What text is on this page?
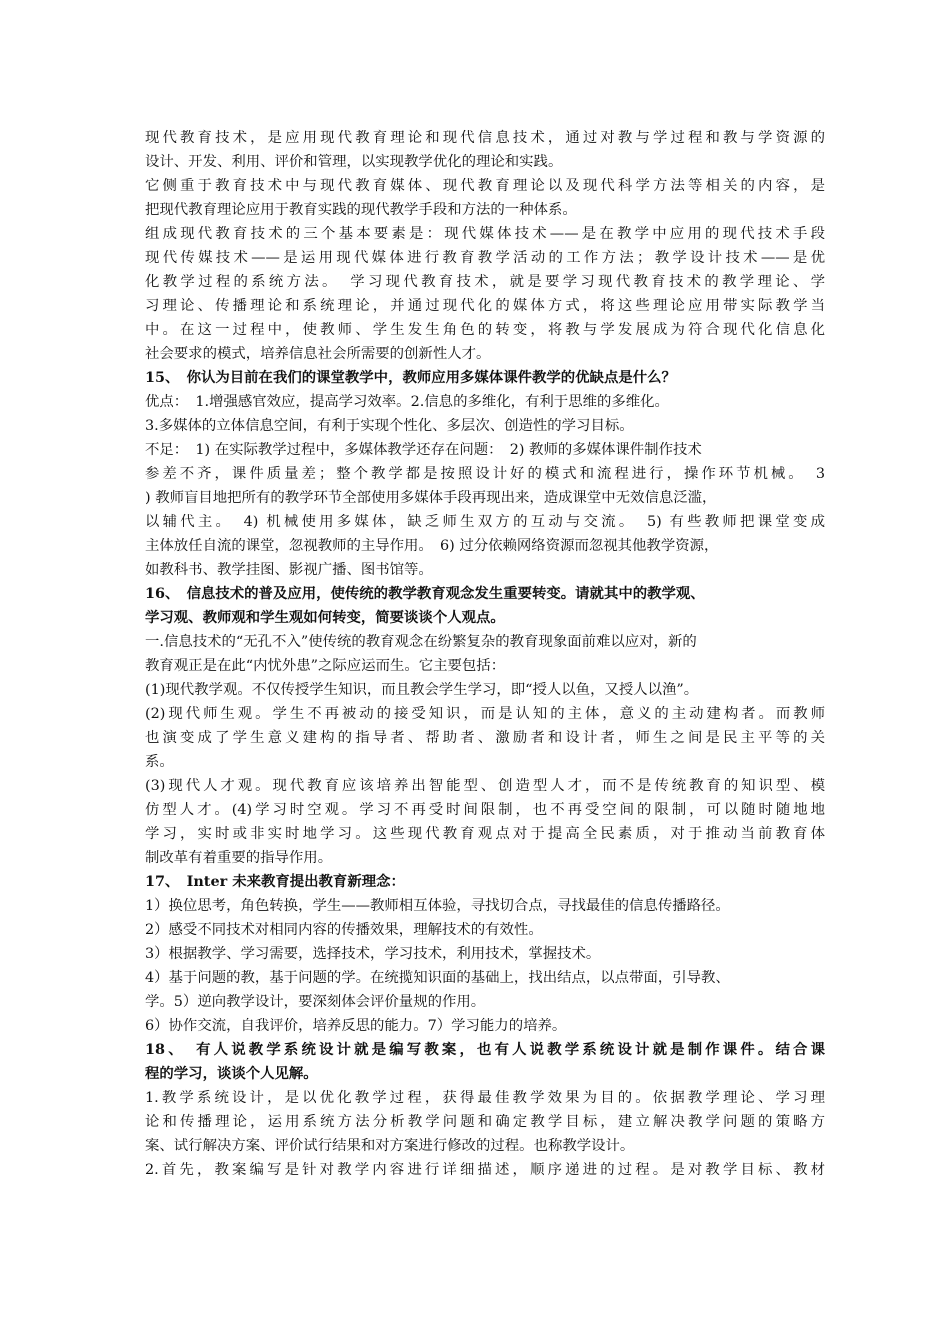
现代教育技术，是应用现代教育理论和现代信息技术，通过对教与学过程和教与学资源的

设计、开发、利用、评价和管理，以实现教学优化的理论和实践。

它侧重于教育技术中与现代教育媒体、现代教育理论以及现代科学方法等相关的内容，是

把现代教育理论应用于教育实践的现代教学手段和方法的一种体系。

组成现代教育技术的三个基本要素是：现代媒体技术——是在教学中应用的现代技术手段

现代传媒技术——是运用现代媒体进行教育教学活动的工作方法；教学设计技术——是优

化教学过程的系统方法。　学习现代教育技术，就是要学习现代教育技术的教学理论、学

习理论、传播理论和系统理论，并通过现代化的媒体方式，将这些理论应用带实际教学当

中。在这一过程中，使教师、学生发生角色的转变，将教与学发展成为符合现代化信息化

社会要求的模式，培养信息社会所需要的创新性人才。

15、　你认为目前在我们的课堂教学中，教师应用多媒体课件教学的优缺点是什么？

优点：　1.增强感官效应，提高学习效率。2.信息的多维化，有利于思维的多维化。

3.多媒体的立体信息空间，有利于实现个性化、多层次、创造性的学习目标。

不足：　1) 在实际教学过程中，多媒体教学还存在问题：　2) 教师的多媒体课件制作技术

参差不齐，课件质量差；整个教学都是按照设计好的模式和流程进行，操作环节机械。　3

) 教师盲目地把所有的教学环节全部使用多媒体手段再现出来，造成课堂中无效信息泛滥，

以辅代主。　4) 机械使用多媒体，缺乏师生双方的互动与交流。　5) 有些教师把课堂变成

主体放任自流的课堂，忽视教师的主导作用。　6) 过分依赖网络资源而忽视其他教学资源，

如教科书、教学挂图、影视广播、图书馆等。

16、　信息技术的普及应用，使传统的教学教育观念发生重要转变。请就其中的教学观、

学习观、教师观和学生观如何转变，简要谈谈个人观点。

一.信息技术的“无孔不入”使传统的教育观念在纷繁复杂的教育现象面前难以应对，新的

教育观正是在此“内忧外患”之际应运而生。它主要包括：

(1)现代教学观。不仅传授学生知识，而且教会学生学习，即“授人以鱼，又授人以渔”。

(2)现代师生观。学生不再被动的接受知识，而是认知的主体，意义的主动建构者。而教师

也演变成了学生意义建构的指导者、帮助者、激励者和设计者，师生之间是民主平等的关

系。

(3)现代人才观。现代教育应该培养出智能型、创造型人才，而不是传统教育的知识型、模

仿型人才。(4)学习时空观。学习不再受时间限制，也不再受空间的限制，可以随时随地地

学习，实时或非实时地学习。这些现代教育观点对于提高全民素质，对于推动当前教育体

制改革有着重要的指导作用。

17、　Inter 未来教育提出教育新理念：

1）换位思考，角色转换，学生——教师相互体验，寻找切合点，寻找最佳的信息传播路径。

2）感受不同技术对相同内容的传播效果，理解技术的有效性。

3）根据教学、学习需要，选择技术，学习技术，利用技术，掌握技术。

4）基于问题的教，基于问题的学。在统揽知识面的基础上，找出结点，以点带面，引导教、

学。5）逆向教学设计，要深刻体会评价量规的作用。

6）协作交流，自我评价，培养反思的能力。7）学习能力的培养。

18、　有人说教学系统设计就是编写教案，也有人说教学系统设计就是制作课件。结合课

程的学习，谈谈个人见解。

1.教学系统设计，是以优化教学过程，获得最佳教学效果为目的。依据教学理论、学习理

论和传播理论，运用系统方法分析教学问题和确定教学目标，建立解决教学问题的策略方

案、试行解决方案、评价试行结果和对方案进行修改的过程。也称教学设计。

2.首先，教案编写是针对教学内容进行详细描述，顺序递进的过程。是对教学目标、教材
